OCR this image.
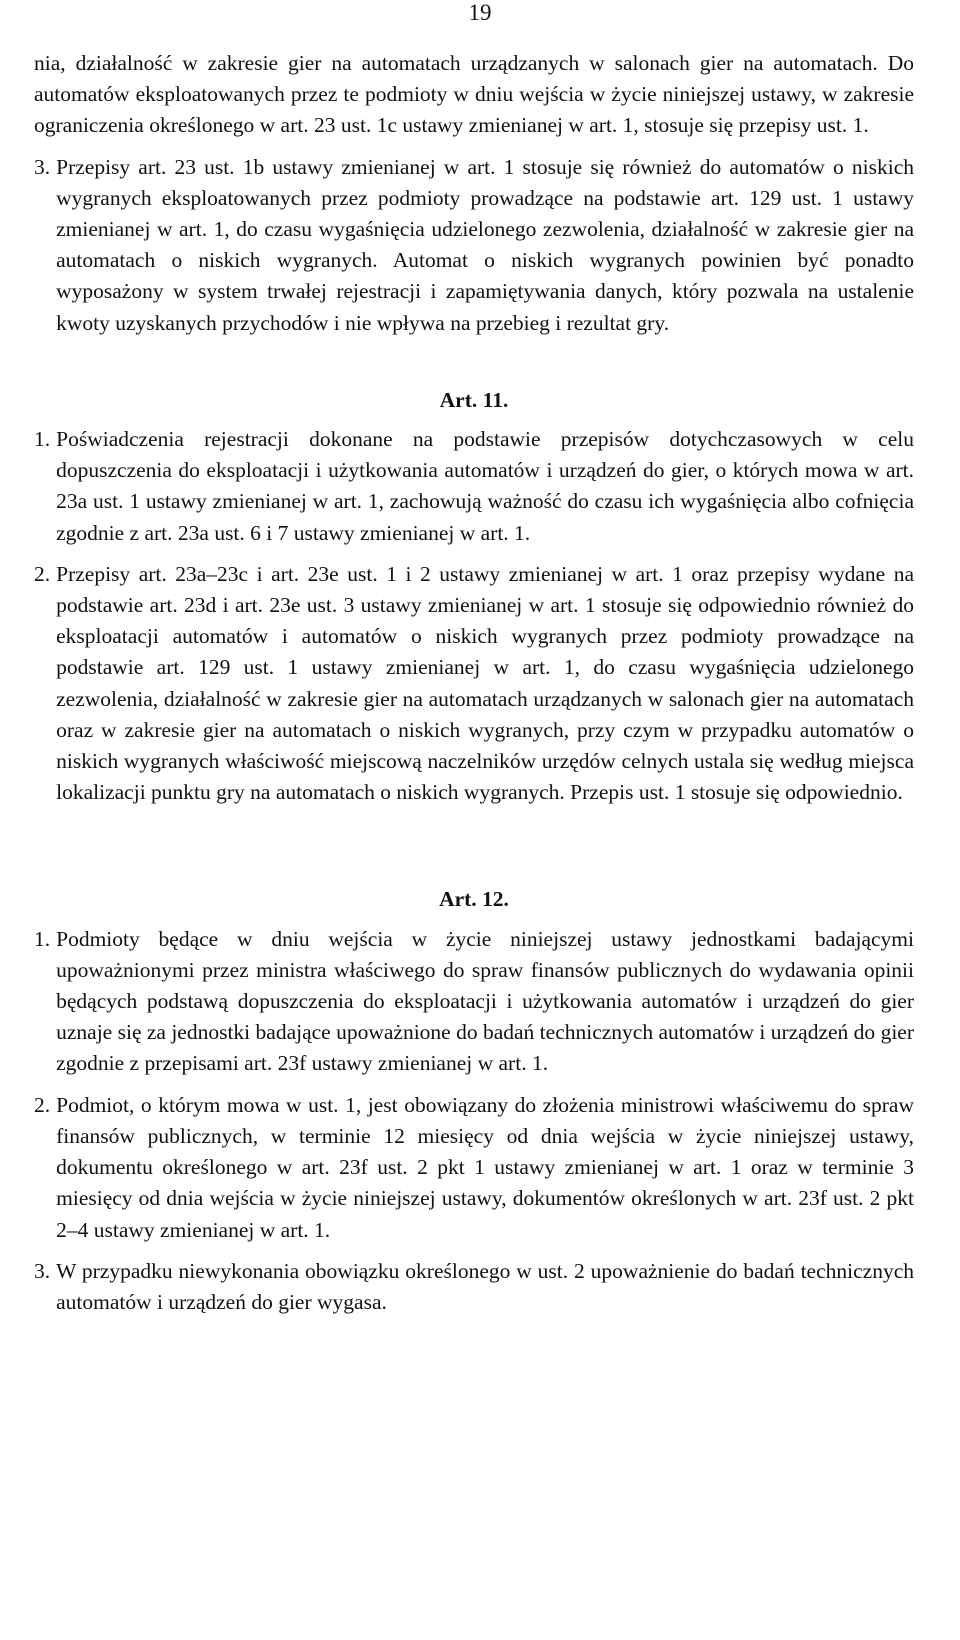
19
nia, działalność w zakresie gier na automatach urządzanych w salonach gier na automatach. Do automatów eksploatowanych przez te podmioty w dniu wejścia w życie niniejszej ustawy, w zakresie ograniczenia określonego w art. 23 ust. 1c ustawy zmienianej w art. 1, stosuje się przepisy ust. 1.
3. Przepisy art. 23 ust. 1b ustawy zmienianej w art. 1 stosuje się również do automatów o niskich wygranych eksploatowanych przez podmioty prowadzące na podstawie art. 129 ust. 1 ustawy zmienianej w art. 1, do czasu wygaśnięcia udzielonego zezwolenia, działalność w zakresie gier na automatach o niskich wygranych. Automat o niskich wygranych powinien być ponadto wyposażony w system trwałej rejestracji i zapamiętywania danych, który pozwala na ustalenie kwoty uzyskanych przychodów i nie wpływa na przebieg i rezultat gry.
Art. 11.
1. Poświadczenia rejestracji dokonane na podstawie przepisów dotychczasowych w celu dopuszczenia do eksploatacji i użytkowania automatów i urządzeń do gier, o których mowa w art. 23a ust. 1 ustawy zmienianej w art. 1, zachowują ważność do czasu ich wygaśnięcia albo cofnięcia zgodnie z art. 23a ust. 6 i 7 ustawy zmienianej w art. 1.
2. Przepisy art. 23a–23c i art. 23e ust. 1 i 2 ustawy zmienianej w art. 1 oraz przepisy wydane na podstawie art. 23d i art. 23e ust. 3 ustawy zmienianej w art. 1 stosuje się odpowiednio również do eksploatacji automatów i automatów o niskich wygranych przez podmioty prowadzące na podstawie art. 129 ust. 1 ustawy zmienianej w art. 1, do czasu wygaśnięcia udzielonego zezwolenia, działalność w zakresie gier na automatach urządzanych w salonach gier na automatach oraz w zakresie gier na automatach o niskich wygranych, przy czym w przypadku automatów o niskich wygranych właściwość miejscową naczelników urzędów celnych ustala się według miejsca lokalizacji punktu gry na automatach o niskich wygranych. Przepis ust. 1 stosuje się odpowiednio.
Art. 12.
1. Podmioty będące w dniu wejścia w życie niniejszej ustawy jednostkami badającymi upoważnionymi przez ministra właściwego do spraw finansów publicznych do wydawania opinii będących podstawą dopuszczenia do eksploatacji i użytkowania automatów i urządzeń do gier uznaje się za jednostki badające upoważnione do badań technicznych automatów i urządzeń do gier zgodnie z przepisami art. 23f ustawy zmienianej w art. 1.
2. Podmiot, o którym mowa w ust. 1, jest obowiązany do złożenia ministrowi właściwemu do spraw finansów publicznych, w terminie 12 miesięcy od dnia wejścia w życie niniejszej ustawy, dokumentu określonego w art. 23f ust. 2 pkt 1 ustawy zmienianej w art. 1 oraz w terminie 3 miesięcy od dnia wejścia w życie niniejszej ustawy, dokumentów określonych w art. 23f ust. 2 pkt 2–4 ustawy zmienianej w art. 1.
3. W przypadku niewykonania obowiązku określonego w ust. 2 upoważnienie do badań technicznych automatów i urządzeń do gier wygasa.
